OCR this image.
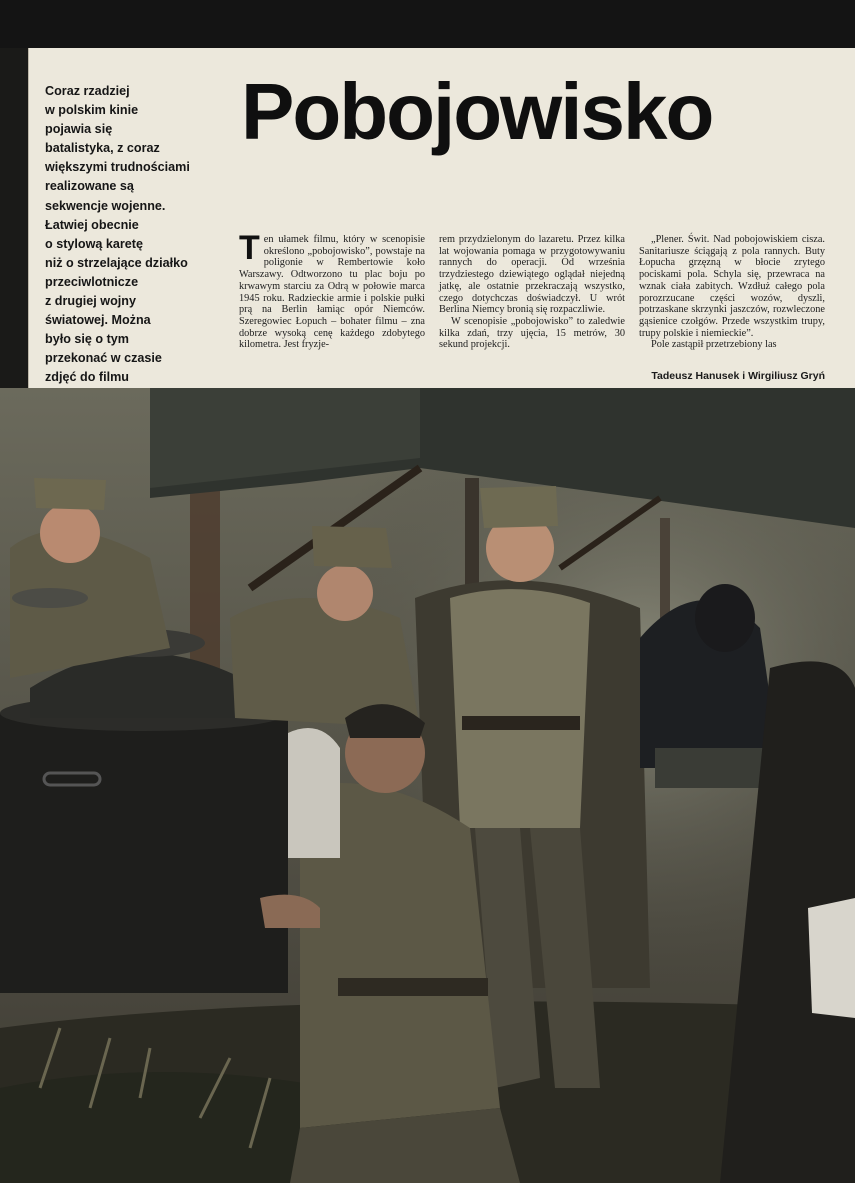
Coraz rzadziej
w polskim kinie
pojawia się
batalistyka, z coraz
większymi trudnościami
realizowane są
sekwencje wojenne.
Łatwiej obecnie
o stylową karetę
niż o strzelające działko
przeciwlotnicze
z drugiej wojny
światowej. Można
było się o tym
przekonać w czasie
zdjęć do filmu
Pobojowisko

Ten ułamek filmu, który w scenopisie określono „pobojowisko”, powstaje na poligonie w Rembertowie koło Warszawy. Odtworzono tu plac boju po krwawym starciu za Odrą w połowie marca 1945 roku. Radzieckie armie i polskie pułki prą na Berlin łamiąc opór Niemców. Szeregowiec Łopuch – bohater filmu – zna dobrze wysoką cenę każdego zdobytego kilometra. Jest fryzje-

rem przydzielonym do lazaretu. Przez kilka lat wojowania pomaga w przygotowywaniu rannych do operacji. Od września trzydziestego dziewiątego oglądał niejedną jatkę, ale ostatnie przekraczają wszystko, czego dotychczas doświadczył. U wrót Berlina Niemcy bronią się rozpaczliwie.

W scenopisie „pobojowisko” to zaledwie kilka zdań, trzy ujęcia, 15 metrów, 30 sekund projekcji.

„Plener. Świt. Nad pobojowiskiem cisza. Sanitariusze ściągają z pola rannych. Buty Łopucha grzęzną w błocie zrytego pociskami pola. Schyla się, przewraca na wznak ciała zabitych. Wzdłuż całego pola porozrzucane części wozów, dyszli, potrzaskane skrzynki jaszczów, rozwleczone gąsienice czołgów. Przede wszystkim trupy, trupy polskie i niemieckie”.

Pole zastąpił przetrzebiony las

Tadeusz Hanusek i Wirgiliusz Gryń
